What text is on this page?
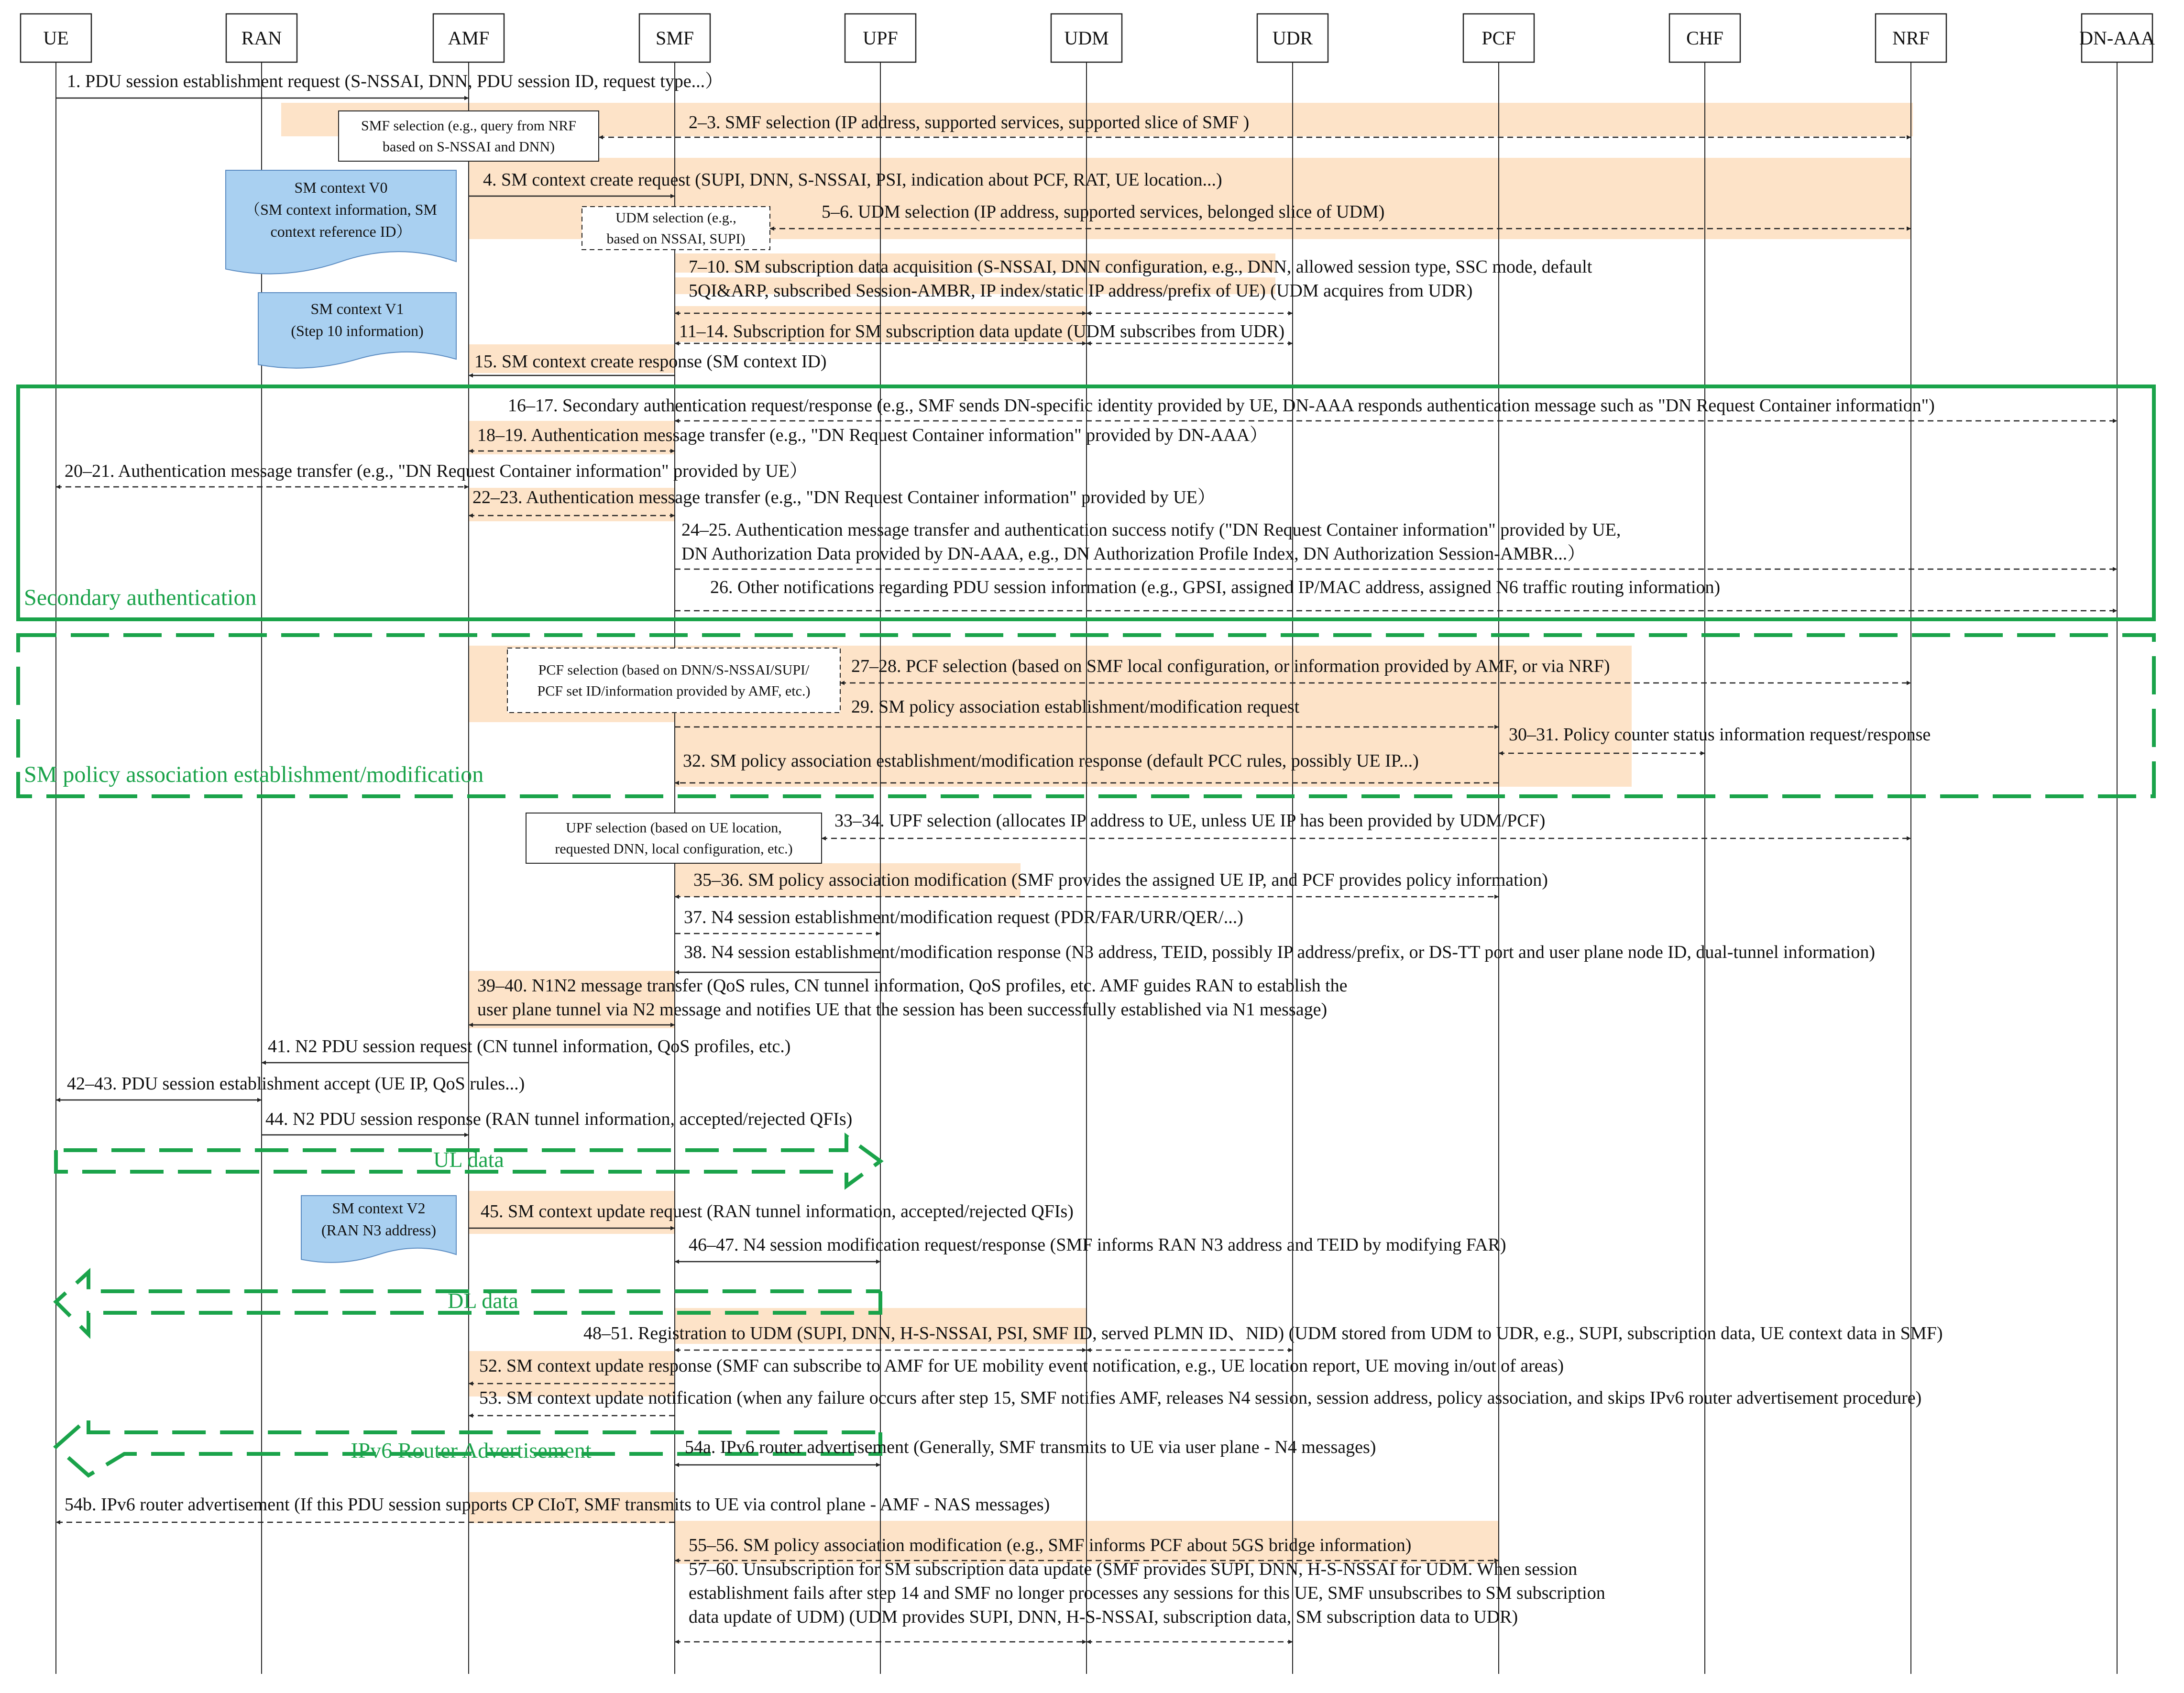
Secondary authentication
SM policy association establishment/modification
UL data
DL data
IPv6 Router Advertisement
SM context V0
（SM context information, SM
context reference ID）
SM context V1
(Step 10 information)
SM context V2
(RAN N3 address)
SMF selection (e.g., query from NRF
based on S-NSSAI and DNN)
UDM selection (e.g.,
based on NSSAI, SUPI)
PCF selection (based on DNN/S-NSSAI/SUPI/
PCF set ID/information provided by AMF, etc.)
UPF selection (based on UE location,
requested DNN, local configuration, etc.)
1. PDU session establishment request (S-NSSAI, DNN, PDU session ID, request type...）
2–3. SMF selection (IP address, supported services, supported slice of SMF )
4. SM context create request (SUPI, DNN, S-NSSAI, PSI, indication about PCF, RAT, UE location...)
5–6. UDM selection (IP address, supported services, belonged slice of UDM)
7–10. SM subscription data acquisition (S-NSSAI, DNN configuration, e.g., DNN, allowed session type, SSC mode, default
5QI&ARP, subscribed Session-AMBR, IP index/static IP address/prefix of UE) (UDM acquires from UDR)
11–14. Subscription for SM subscription data update (UDM subscribes from UDR)
15. SM context create response (SM context ID)
16–17. Secondary authentication request/response (e.g., SMF sends DN-specific identity provided by UE, DN-AAA responds authentication message such as "DN Request Container information")
18–19. Authentication message transfer (e.g., "DN Request Container information" provided by DN-AAA）
20–21. Authentication message transfer (e.g., "DN Request Container information" provided by UE）
22–23. Authentication message transfer (e.g., "DN Request Container information" provided by UE）
24–25. Authentication message transfer and authentication success notify ("DN Request Container information" provided by UE,
DN Authorization Data provided by DN-AAA, e.g., DN Authorization Profile Index, DN Authorization Session-AMBR...）
26. Other notifications regarding PDU session information (e.g., GPSI, assigned IP/MAC address, assigned N6 traffic routing information)
27–28. PCF selection (based on SMF local configuration, or information provided by AMF, or via NRF)
29. SM policy association establishment/modification request
30–31. Policy counter status information request/response
32. SM policy association establishment/modification response (default PCC rules, possibly UE IP...)
33–34. UPF selection (allocates IP address to UE, unless UE IP has been provided by UDM/PCF)
35–36. SM policy association modification (SMF provides the assigned UE IP, and PCF provides policy information)
37. N4 session establishment/modification request (PDR/FAR/URR/QER/...)
38. N4 session establishment/modification response (N3 address, TEID, possibly IP address/prefix, or DS-TT port and user plane node ID, dual-tunnel information)
39–40. N1N2 message transfer (QoS rules, CN tunnel information, QoS profiles, etc. AMF guides RAN to establish the
user plane tunnel via N2 message and notifies UE that the session has been successfully established via N1 message)
41. N2 PDU session request (CN tunnel information, QoS profiles, etc.)
42–43. PDU session establishment accept (UE IP, QoS rules...)
44. N2 PDU session response (RAN tunnel information, accepted/rejected QFIs)
45. SM context update request (RAN tunnel information, accepted/rejected QFIs)
46–47. N4 session modification request/response (SMF informs RAN N3 address and TEID by modifying FAR)
48–51. Registration to UDM (SUPI, DNN, H-S-NSSAI, PSI, SMF ID, served PLMN ID、NID) (UDM stored from UDM to UDR, e.g., SUPI, subscription data, UE context data in SMF)
52. SM context update response (SMF can subscribe to AMF for UE mobility event notification, e.g., UE location report, UE moving in/out of areas)
53. SM context update notification (when any failure occurs after step 15, SMF notifies AMF, releases N4 session, session address, policy association, and skips IPv6 router advertisement procedure)
54a. IPv6 router advertisement (Generally, SMF transmits to UE via user plane - N4 messages)
54b. IPv6 router advertisement (If this PDU session supports CP CIoT, SMF transmits to UE via control plane - AMF - NAS messages)
55–56. SM policy association modification (e.g., SMF informs PCF about 5GS bridge information)
57–60. Unsubscription for SM subscription data update (SMF provides SUPI, DNN, H-S-NSSAI for UDM. When session
establishment fails after step 14 and SMF no longer processes any sessions for this UE, SMF unsubscribes to SM subscription
data update of UDM) (UDM provides SUPI, DNN, H-S-NSSAI, subscription data, SM subscription data to UDR)
UE	RAN	AMF	SMF	UPF	UDM	UDR	PCF	CHF	NRF	DN-AAA
